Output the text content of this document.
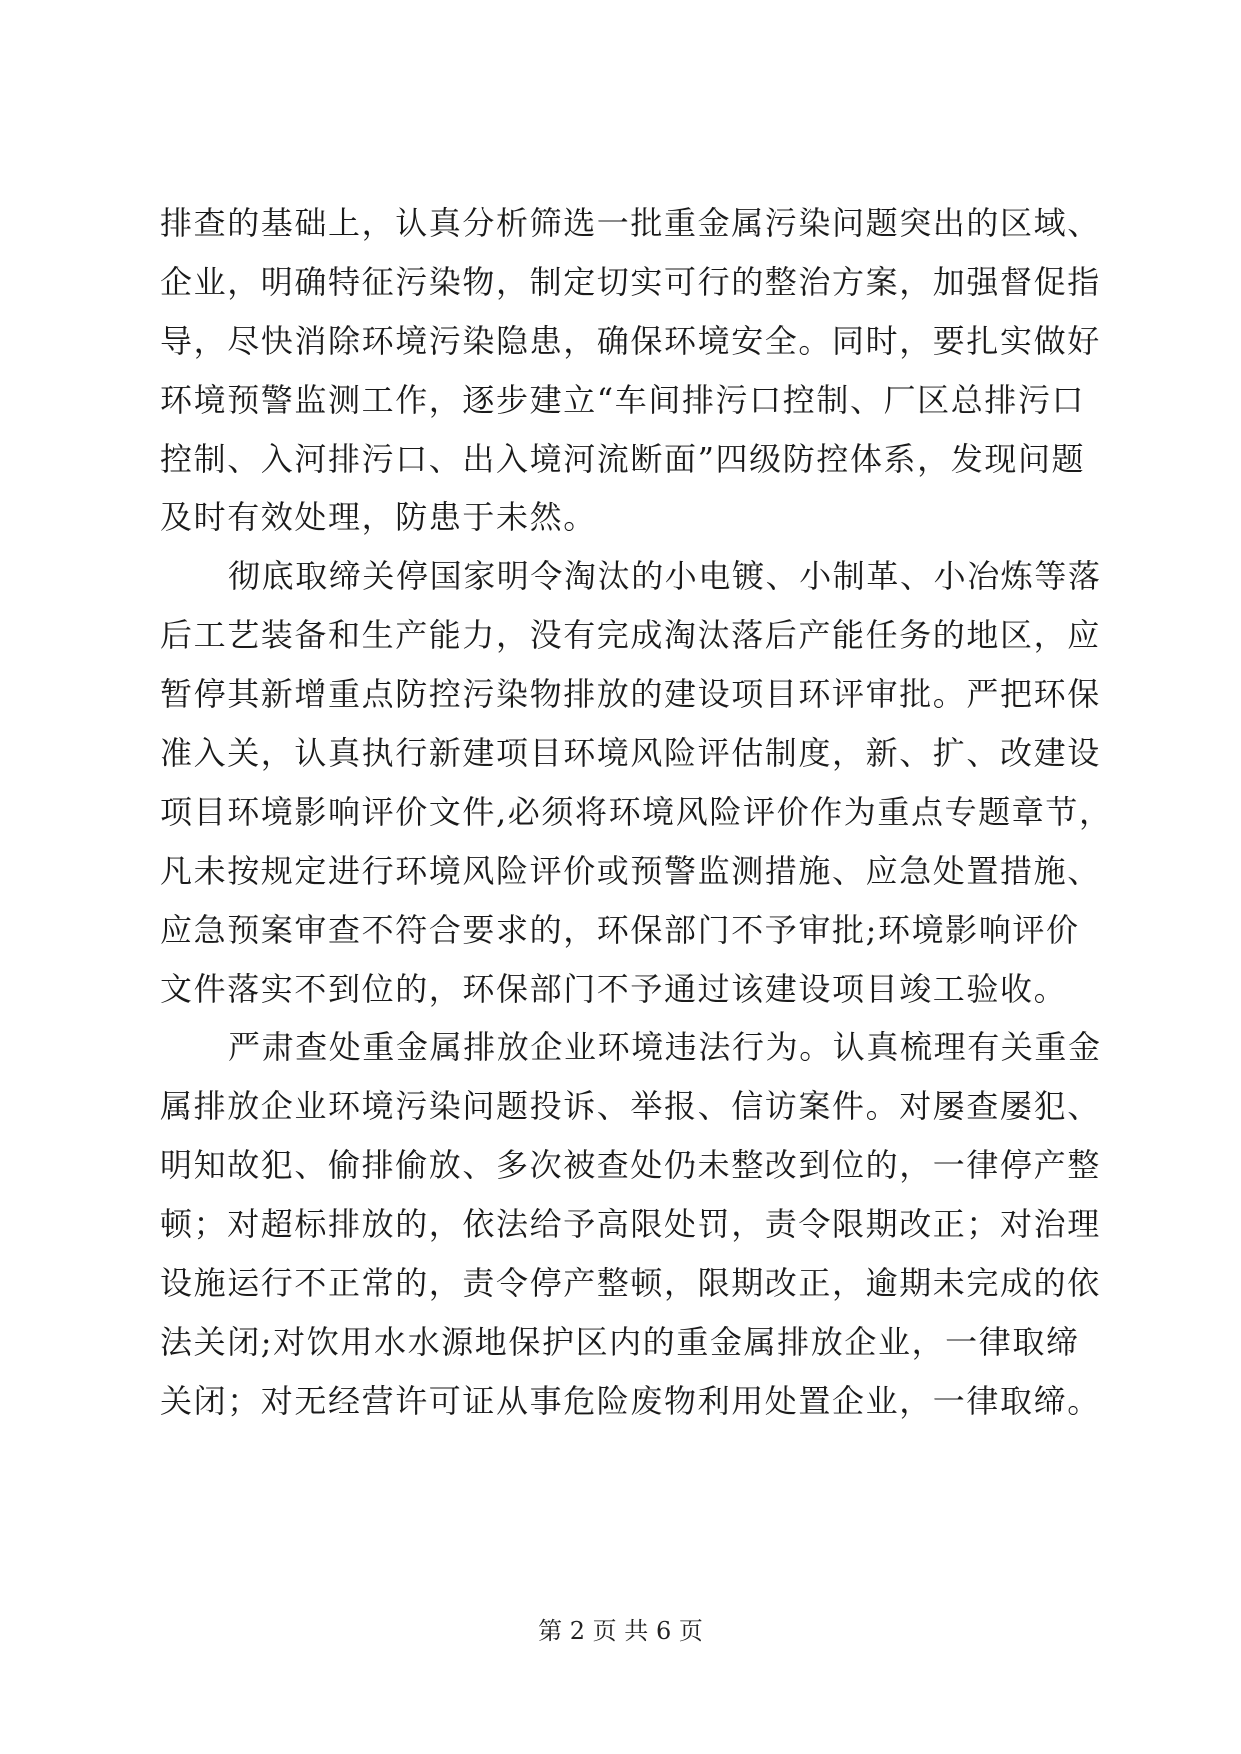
排查的基础上，认真分析筛选一批重金属污染问题突出的区域、
企业，明确特征污染物，制定切实可行的整治方案，加强督促指
导，尽快消除环境污染隐患，确保环境安全。同时，要扎实做好
环境预警监测工作，逐步建立“车间排污口控制、厂区总排污口
控制、入河排污口、出入境河流断面”四级防控体系，发现问题
及时有效处理，防患于未然。
彻底取缔关停国家明令淘汰的小电镀、小制革、小冶炼等落
后工艺装备和生产能力，没有完成淘汰落后产能任务的地区，应
暂停其新增重点防控污染物排放的建设项目环评审批。严把环保
准入关，认真执行新建项目环境风险评估制度，新、扩、改建设
项目环境影响评价文件,必须将环境风险评价作为重点专题章节，
凡未按规定进行环境风险评价或预警监测措施、应急处置措施、
应急预案审查不符合要求的，环保部门不予审批;环境影响评价
文件落实不到位的，环保部门不予通过该建设项目竣工验收。
严肃查处重金属排放企业环境违法行为。认真梳理有关重金
属排放企业环境污染问题投诉、举报、信访案件。对屡查屡犯、
明知故犯、偷排偷放、多次被查处仍未整改到位的，一律停产整
顿；对超标排放的，依法给予高限处罚，责令限期改正；对治理
设施运行不正常的，责令停产整顿，限期改正，逾期未完成的依
法关闭;对饮用水水源地保护区内的重金属排放企业，一律取缔
关闭；对无经营许可证从事危险废物利用处置企业，一律取缔。
第 2 页 共 6 页
